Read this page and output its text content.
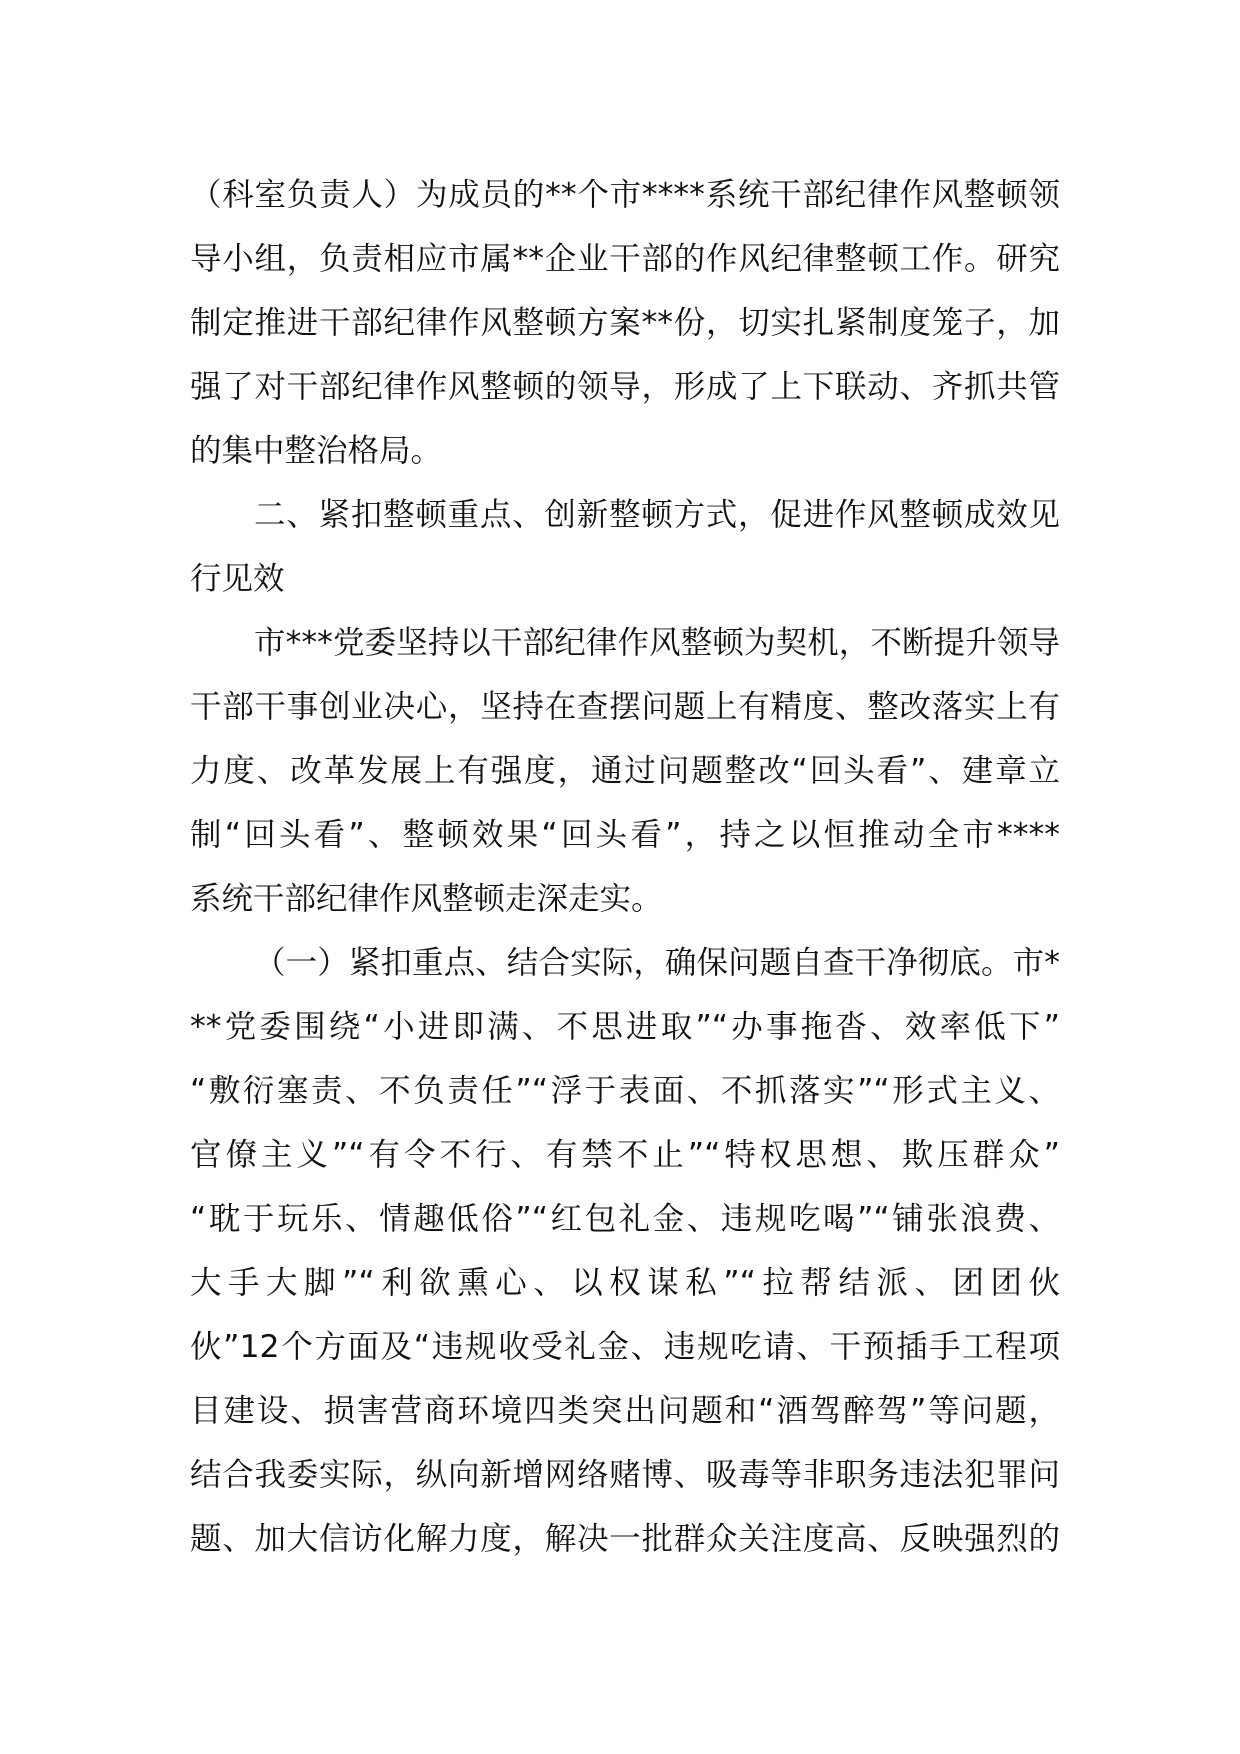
（科室负责人）为成员的**个市****系统干部纪律作风整顿领
导小组，负责相应市属**企业干部的作风纪律整顿工作。研究
制定推进干部纪律作风整顿方案**份，切实扎紧制度笼子，加
强了对干部纪律作风整顿的领导，形成了上下联动、齐抓共管
的集中整治格局。
二、紧扣整顿重点、创新整顿方式，促进作风整顿成效见
行见效
市***党委坚持以干部纪律作风整顿为契机，不断提升领导
干部干事创业决心，坚持在查摆问题上有精度、整改落实上有
力度、改革发展上有强度，通过问题整改“回头看”、建章立
制“回头看”、整顿效果“回头看”，持之以恒推动全市****
系统干部纪律作风整顿走深走实。
（一）紧扣重点、结合实际，确保问题自查干净彻底。市*
**党委围绕“小进即满、不思进取”“办事拖沓、效率低下”
“敷衍塞责、不负责任”“浮于表面、不抓落实”“形式主义、
官僚主义”“有令不行、有禁不止”“特权思想、欺压群众”
“耽于玩乐、情趣低俗”“红包礼金、违规吃喝”“铺张浪费、
大手大脚”“利欲熏心、以权谋私”“拉帮结派、团团伙
伙”12个方面及“违规收受礼金、违规吃请、干预插手工程项
目建设、损害营商环境四类突出问题和“酒驾醉驾”等问题，
结合我委实际，纵向新增网络赌博、吸毒等非职务违法犯罪问
题、加大信访化解力度，解决一批群众关注度高、反映强烈的
